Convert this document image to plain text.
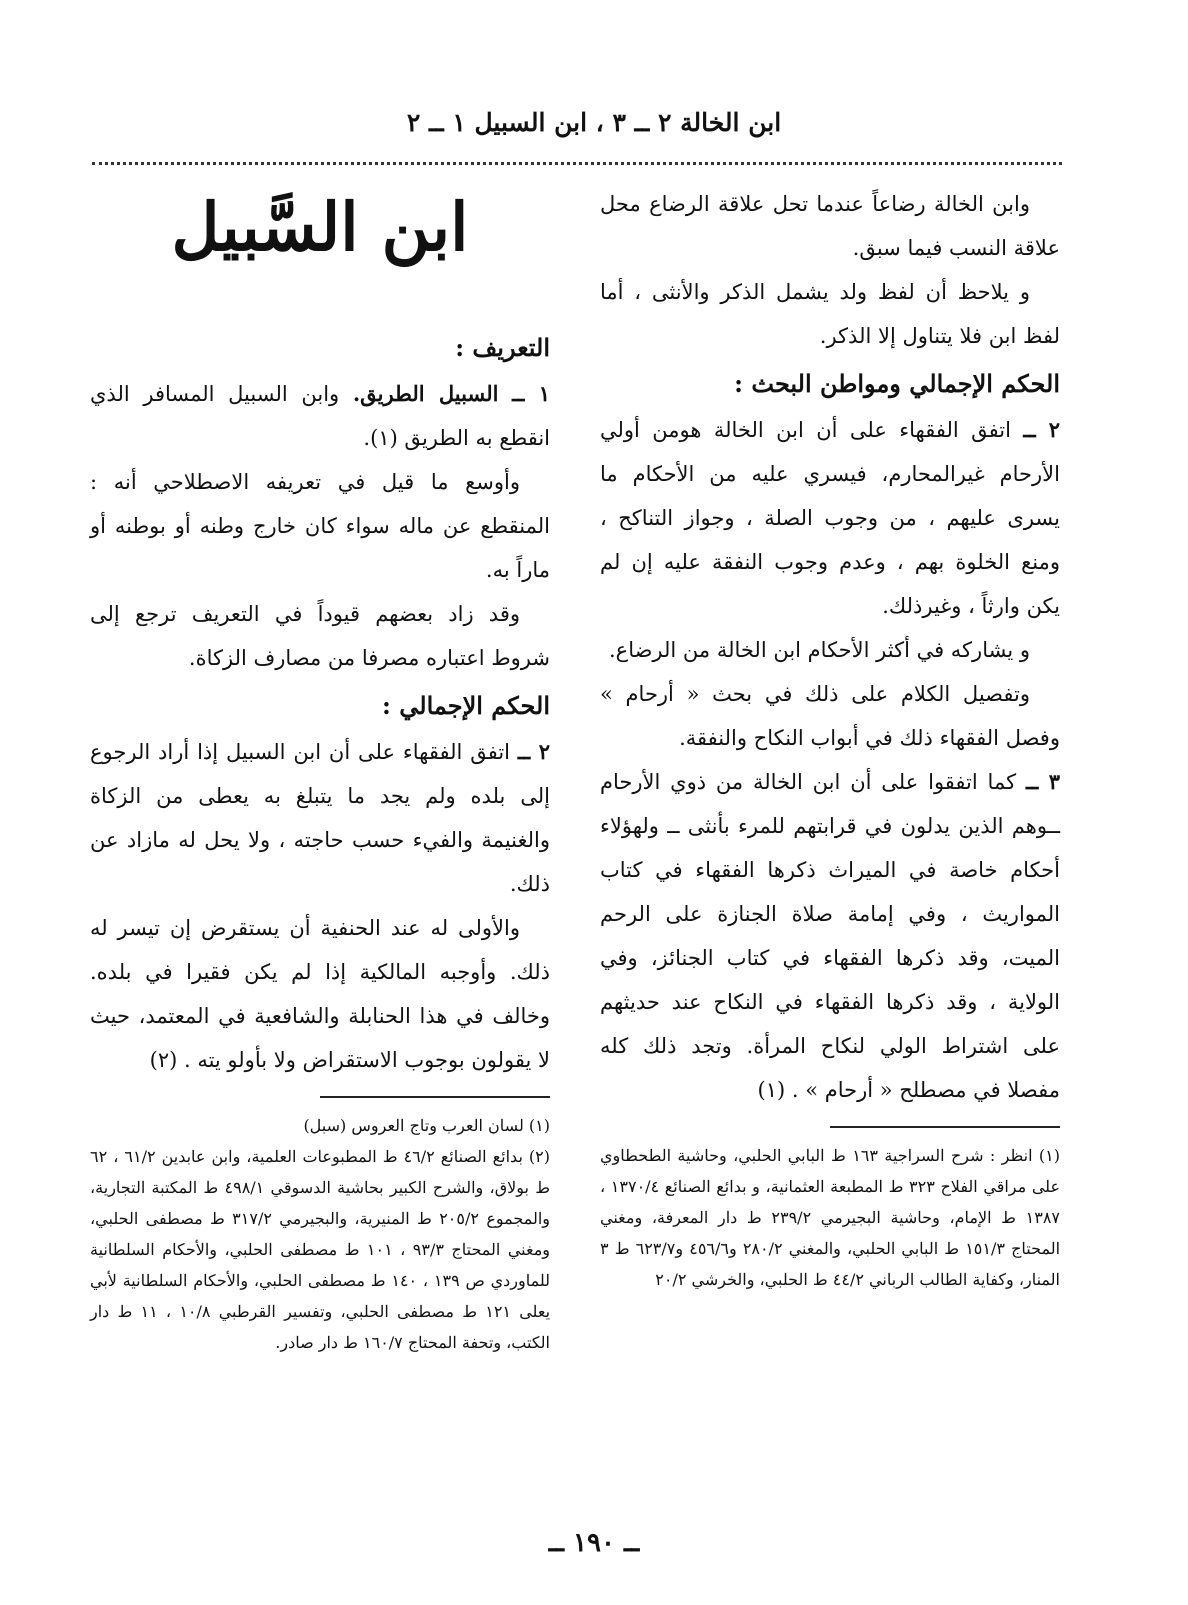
ابن الخالة ٢ ــ ٣ ، ابن السبيل ١ ــ ٢

وابن الخالة رضاعاً عندما تحل علاقة الرضاع محل علاقة النسب فيما سبق.

و يلاحظ أن لفظ ولد يشمل الذكر والأنثى ، أما لفظ ابن فلا يتناول إلا الذكر.

الحكم الإجمالي ومواطن البحث :

٢ ــ اتفق الفقهاء على أن ابن الخالة هومن أولي الأرحام غيرالمحارم، فيسري عليه من الأحكام ما يسرى عليهم ، من وجوب الصلة ، وجواز التناكح ، ومنع الخلوة بهم ، وعدم وجوب النفقة عليه إن لم يكن وارثاً ، وغيرذلك.

و يشاركه في أكثر الأحكام ابن الخالة من الرضاع.

وتفصيل الكلام على ذلك في بحث « أرحام » وفصل الفقهاء ذلك في أبواب النكاح والنفقة.

٣ ــ كما اتفقوا على أن ابن الخالة من ذوي الأرحام ــوهم الذين يدلون في قرابتهم للمرء بأنثى ــ ولهؤلاء أحكام خاصة في الميراث ذكرها الفقهاء في كتاب المواريث ، وفي إمامة صلاة الجنازة على الرحم الميت، وقد ذكرها الفقهاء في كتاب الجنائز، وفي الولاية ، وقد ذكرها الفقهاء في النكاح عند حديثهم على اشتراط الولي لنكاح المرأة. وتجد ذلك كله مفصلا في مصطلح « أرحام » . (١)

(١) انظر : شرح السراجية ١٦٣ ط البابي الحلبي، وحاشية الطحطاوي على مراقي الفلاح ٣٢٣ ط المطبعة العثمانية، و بدائع الصنائع ١٣٧٠/٤ ، ١٣٨٧ ط الإمام، وحاشية البجيرمي ٢٣٩/٢ ط دار المعرفة، ومغني المحتاج ١٥١/٣ ط البابي الحلبي، والمغني ٢٨٠/٢ و٤٥٦/٦ و٦٢٣/٧ ط ٣ المنار، وكفاية الطالب الرباني ٤٤/٢ ط الحلبي، والخرشي ٢٠/٢

ابن السَّبيل
التعريف :

١ ــ السبيل الطريق. وابن السبيل المسافر الذي انقطع به الطريق (١).

وأوسع ما قيل في تعريفه الاصطلاحي أنه : المنقطع عن ماله سواء كان خارج وطنه أو بوطنه أو ماراً به.

وقد زاد بعضهم قيوداً في التعريف ترجع إلى شروط اعتباره مصرفا من مصارف الزكاة.

الحكم الإجمالي :

٢ ــ اتفق الفقهاء على أن ابن السبيل إذا أراد الرجوع إلى بلده ولم يجد ما يتبلغ به يعطى من الزكاة والغنيمة والفيء حسب حاجته ، ولا يحل له مازاد عن ذلك.

والأولى له عند الحنفية أن يستقرض إن تيسر له ذلك. وأوجبه المالكية إذا لم يكن فقيرا في بلده. وخالف في هذا الحنابلة والشافعية في المعتمد، حيث لا يقولون بوجوب الاستقراض ولا بأولو يته . (٢)

(١) لسان العرب وتاج العروس (سبل)

(٢) بدائع الصنائع ٤٦/٢ ط المطبوعات العلمية، وابن عابدين ٦١/٢ ، ٦٢ ط بولاق، والشرح الكبير بحاشية الدسوقي ٤٩٨/١ ط المكتبة التجارية، والمجموع ٢٠٥/٢ ط المنيرية، والبجيرمي ٣١٧/٢ ط مصطفى الحلبي، ومغني المحتاج ٩٣/٣ ، ١٠١ ط مصطفى الحلبي، والأحكام السلطانية للماوردي ص ١٣٩ ، ١٤٠ ط مصطفى الحلبي، والأحكام السلطانية لأبي يعلى ١٢١ ط مصطفى الحلبي، وتفسير القرطبي ١٠/٨ ، ١١ ط دار الكتب، وتحفة المحتاج ١٦٠/٧ ط دار صادر.

ــ ١٩٠ ــ
